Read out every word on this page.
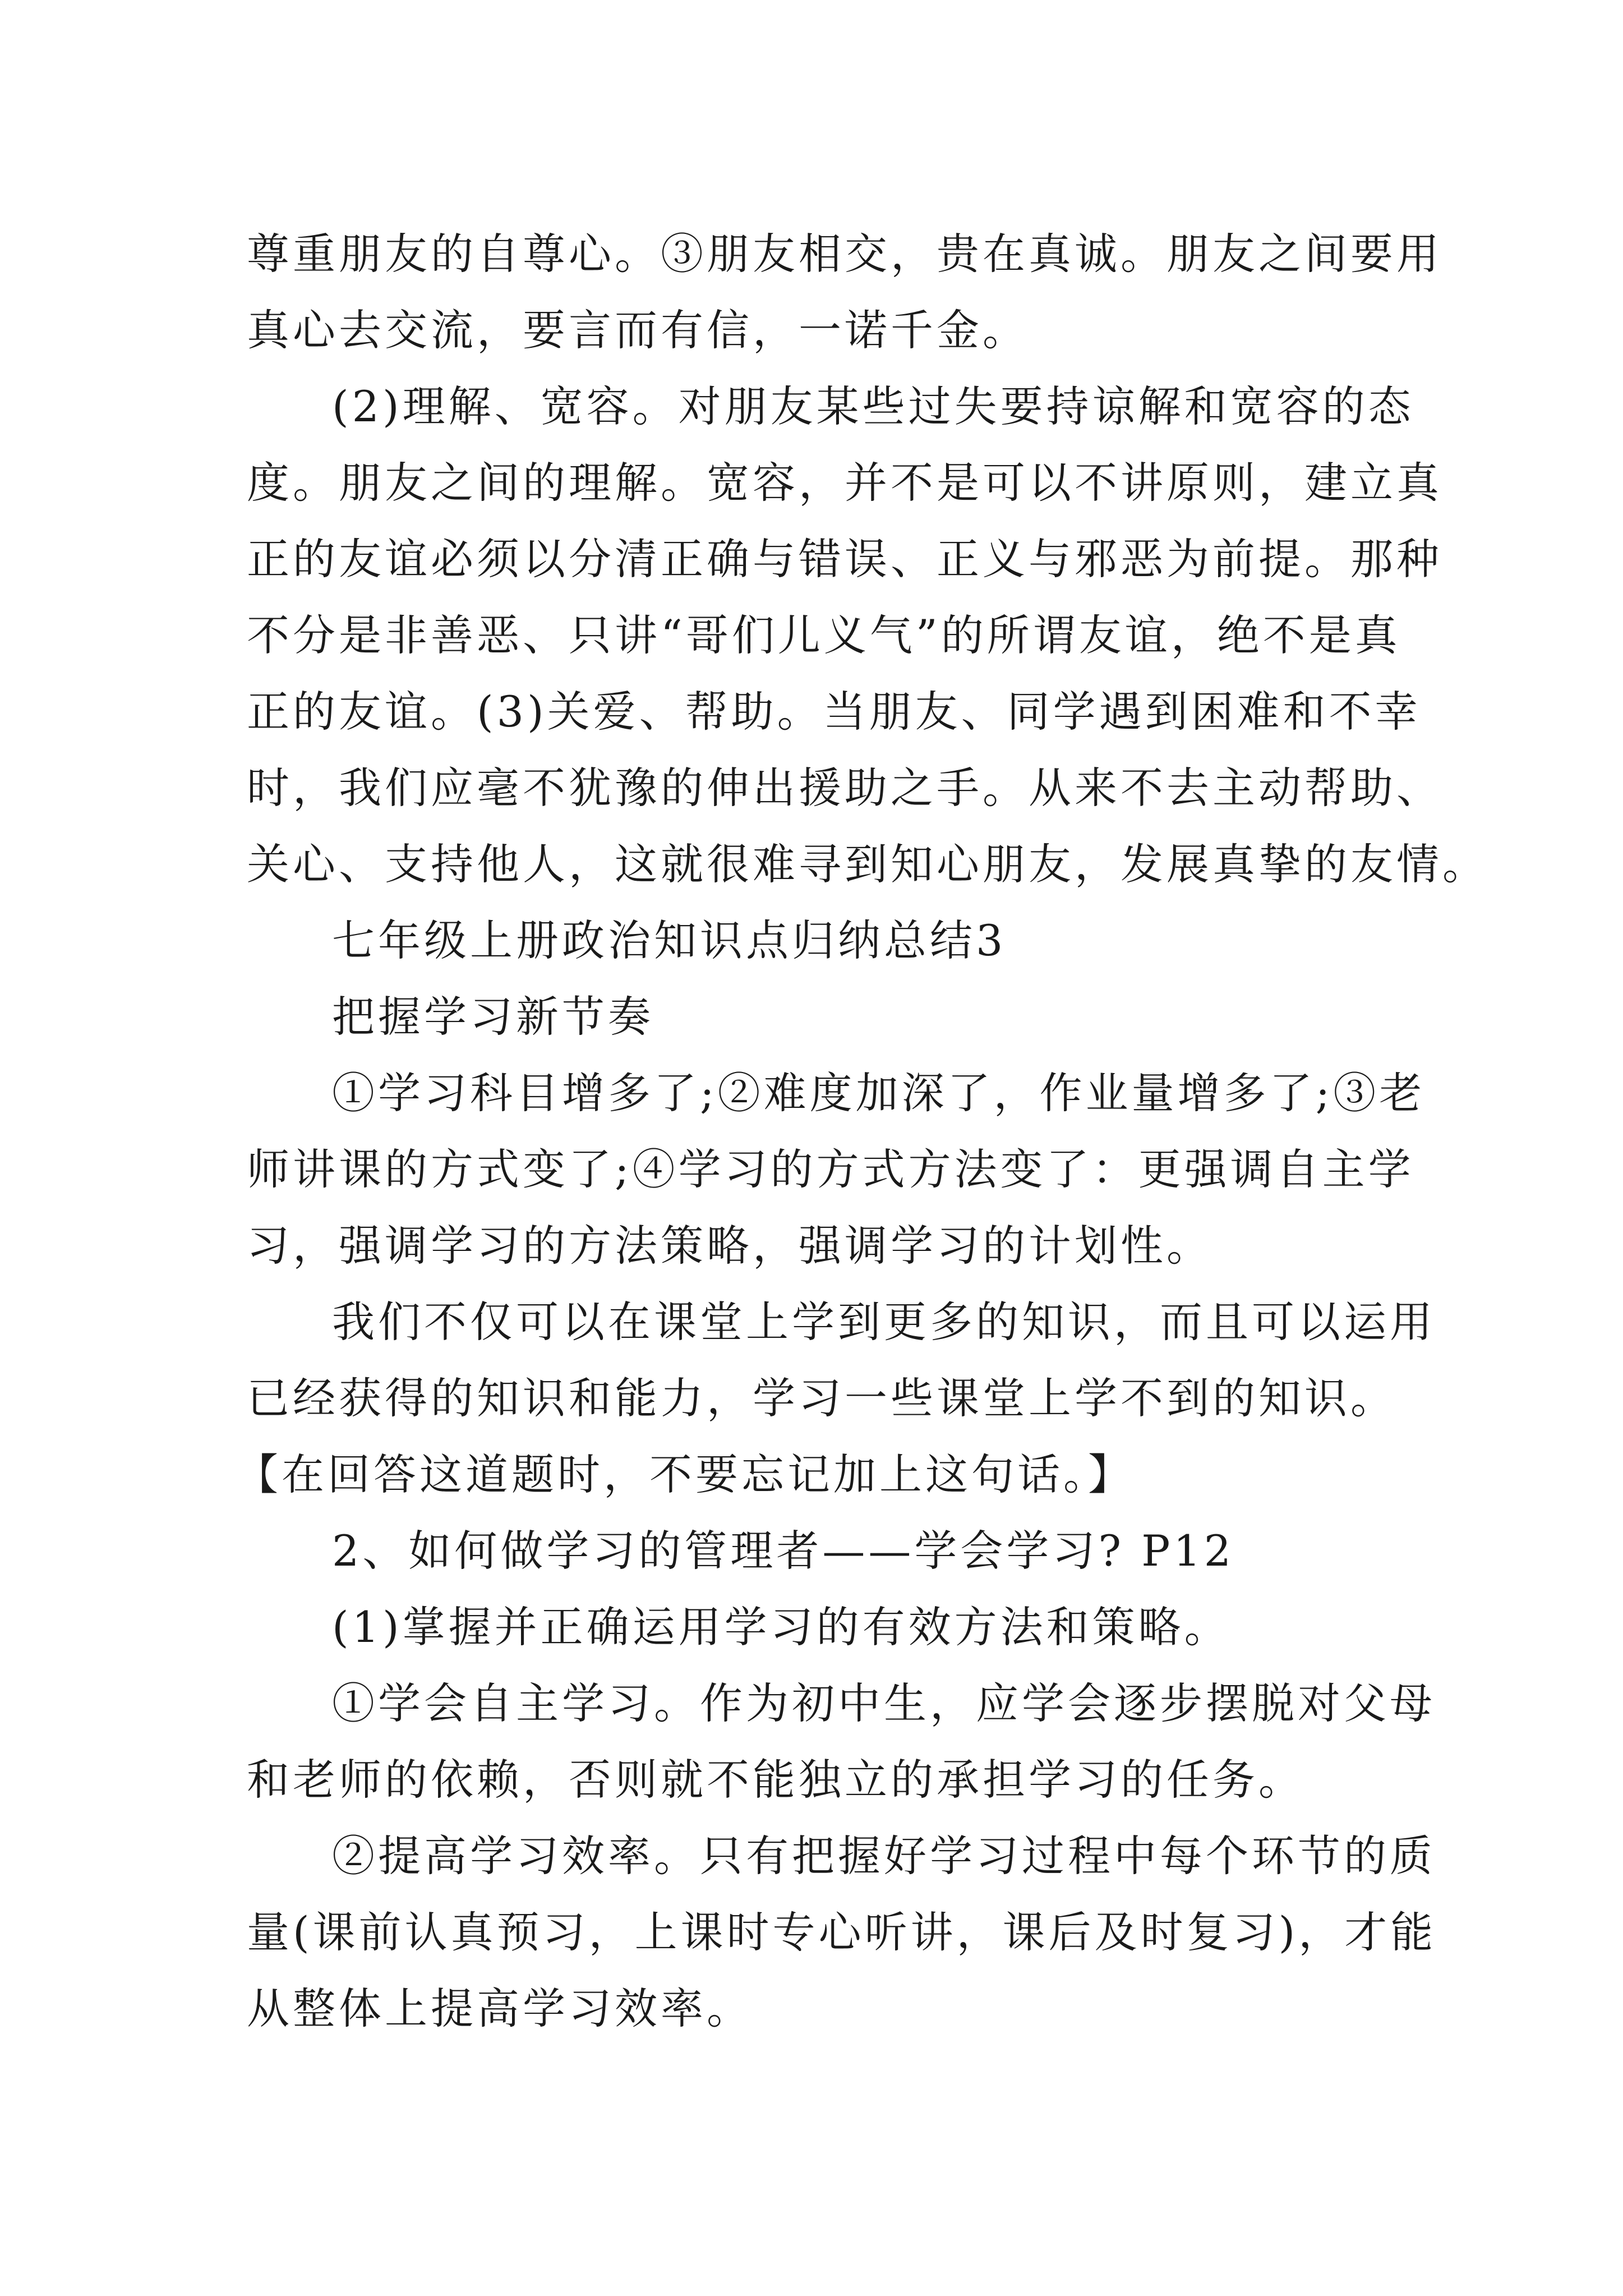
尊重朋友的自尊心。③朋友相交，贵在真诚。朋友之间要用
真心去交流，要言而有信，一诺千金。
(2)理解、宽容。对朋友某些过失要持谅解和宽容的态
度。朋友之间的理解。宽容，并不是可以不讲原则，建立真
正的友谊必须以分清正确与错误、正义与邪恶为前提。那种
不分是非善恶、只讲“哥们儿义气”的所谓友谊，绝不是真
正的友谊。(3)关爱、帮助。当朋友、同学遇到困难和不幸
时，我们应毫不犹豫的伸出援助之手。从来不去主动帮助、
关心、支持他人，这就很难寻到知心朋友，发展真挚的友情。
七年级上册政治知识点归纳总结3
把握学习新节奏
①学习科目增多了;②难度加深了，作业量增多了;③老
师讲课的方式变了;④学习的方式方法变了：更强调自主学
习，强调学习的方法策略，强调学习的计划性。
我们不仅可以在课堂上学到更多的知识，而且可以运用
已经获得的知识和能力，学习一些课堂上学不到的知识。
【在回答这道题时，不要忘记加上这句话。】
2、如何做学习的管理者——学会学习? P12
(1)掌握并正确运用学习的有效方法和策略。
①学会自主学习。作为初中生，应学会逐步摆脱对父母
和老师的依赖，否则就不能独立的承担学习的任务。
②提高学习效率。只有把握好学习过程中每个环节的质
量(课前认真预习，上课时专心听讲，课后及时复习)，才能
从整体上提高学习效率。
